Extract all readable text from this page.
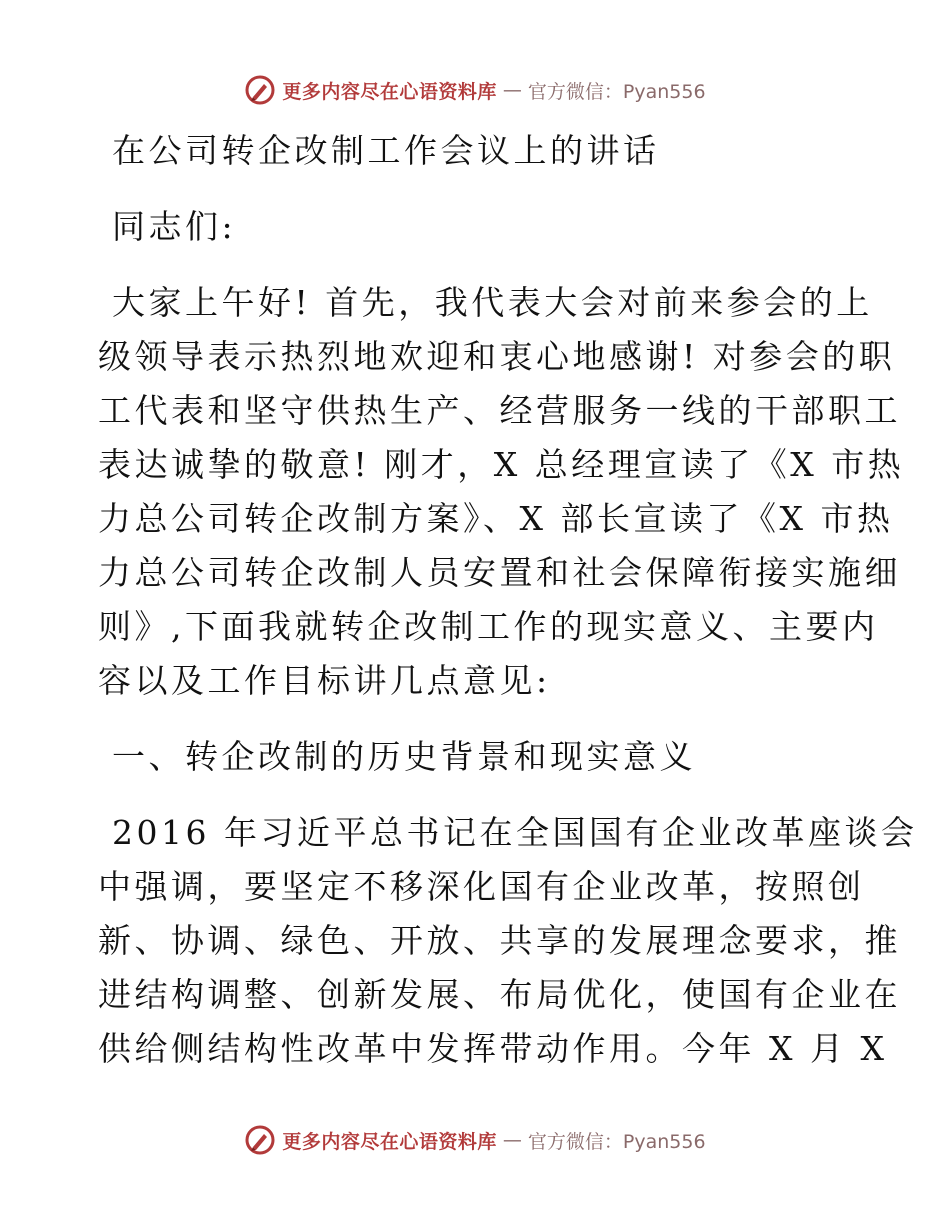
更多内容尽在心语资料库 — 官方微信：Pyan556

在公司转企改制工作会议上的讲话

同志们:

大家上午好! 首先，我代表大会对前来参会的上

级领导表示热烈地欢迎和衷心地感谢! 对参会的职

工代表和坚守供热生产、经营服务一线的干部职工

表达诚挚的敬意! 刚才，X 总经理宣读了《X 市热

力总公司转企改制方案》、X 部长宣读了《X 市热

力总公司转企改制人员安置和社会保障衔接实施细

则》,下面我就转企改制工作的现实意义、主要内

容以及工作目标讲几点意见:

一、转企改制的历史背景和现实意义

2016 年习近平总书记在全国国有企业改革座谈会

中强调，要坚定不移深化国有企业改革，按照创

新、协调、绿色、开放、共享的发展理念要求，推

进结构调整、创新发展、布局优化，使国有企业在

供给侧结构性改革中发挥带动作用。今年 X 月 X

更多内容尽在心语资料库 — 官方微信：Pyan556
